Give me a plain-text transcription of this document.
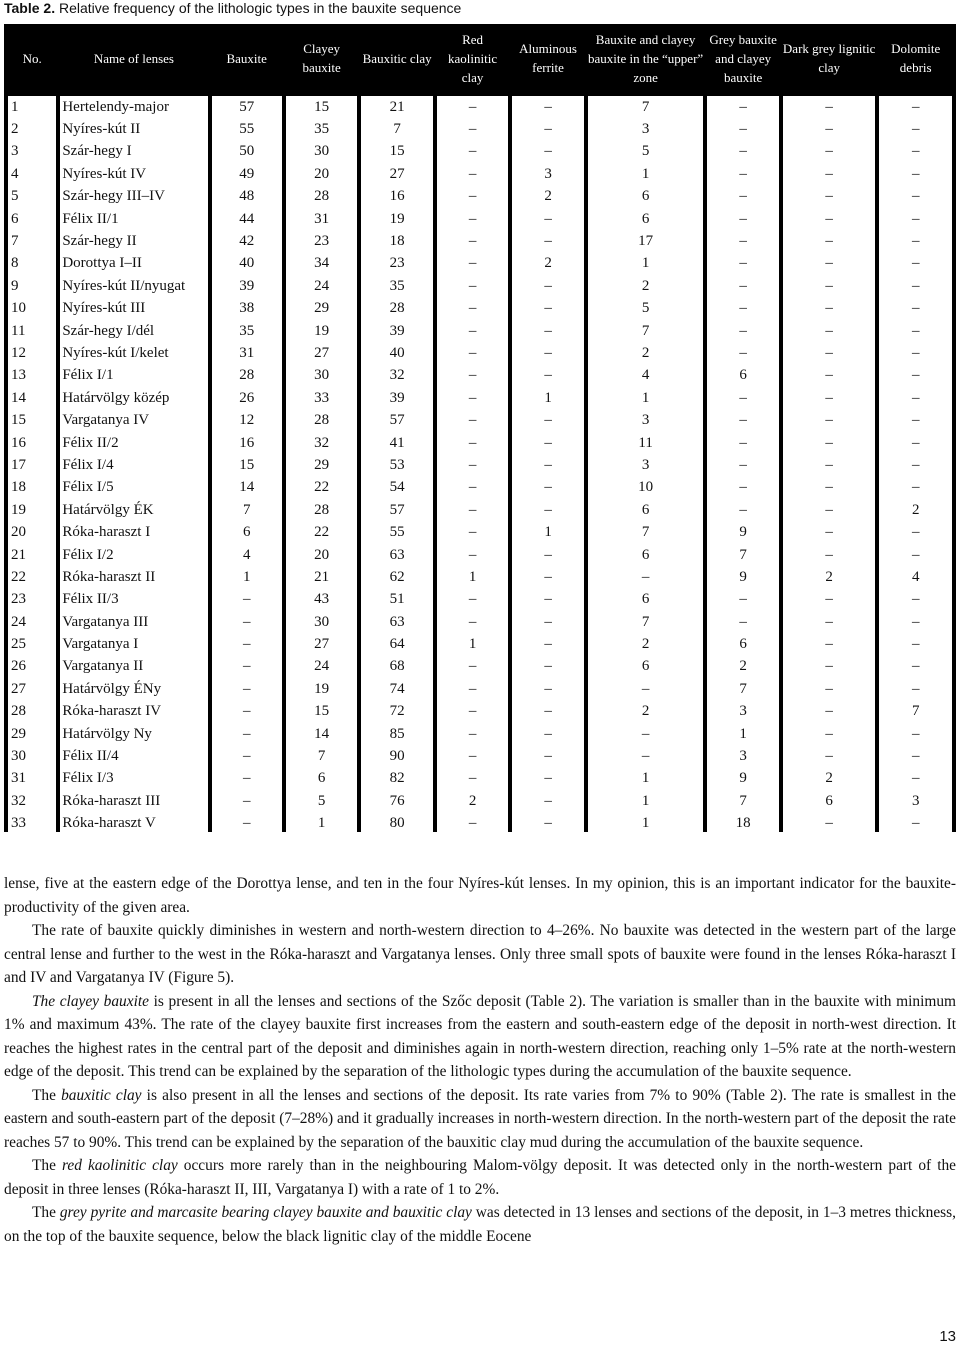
Table 2. Relative frequency of the lithologic types in the bauxite sequence
No.	Name of lenses	Bauxite	Clayey bauxite	Bauxitic clay	Red kaolinitic clay	Aluminous ferrite	Bauxite and clayey bauxite in the “upper” zone	Grey bauxite and clayey bauxite	Dark grey lignitic clay	Dolomite debris

1	Hertelendy-major	57	15	21	–	–	7	–	–	–
2	Nyíres-kút II	55	35	7	–	–	3	–	–	–
3	Szár-hegy I	50	30	15	–	–	5	–	–	–
4	Nyíres-kút IV	49	20	27	–	3	1	–	–	–
5	Szár-hegy III–IV	48	28	16	–	2	6	–	–	–
6	Félix II/1	44	31	19	–	–	6	–	–	–
7	Szár-hegy II	42	23	18	–	–	17	–	–	–
8	Dorottya I–II	40	34	23	–	2	1	–	–	–
9	Nyíres-kút II/nyugat	39	24	35	–	–	2	–	–	–
10	Nyíres-kút III	38	29	28	–	–	5	–	–	–
11	Szár-hegy I/dél	35	19	39	–	–	7	–	–	–
12	Nyíres-kút I/kelet	31	27	40	–	–	2	–	–	–
13	Félix I/1	28	30	32	–	–	4	6	–	–
14	Határvölgy közép	26	33	39	–	1	1	–	–	–
15	Vargatanya IV	12	28	57	–	–	3	–	–	–
16	Félix II/2	16	32	41	–	–	11	–	–	–
17	Félix I/4	15	29	53	–	–	3	–	–	–
18	Félix I/5	14	22	54	–	–	10	–	–	–
19	Határvölgy ÉK	7	28	57	–	–	6	–	–	2
20	Róka-haraszt I	6	22	55	–	1	7	9	–	–
21	Félix I/2	4	20	63	–	–	6	7	–	–
22	Róka-haraszt II	1	21	62	1	–	–	9	2	4
23	Félix II/3	–	43	51	–	–	6	–	–	–
24	Vargatanya III	–	30	63	–	–	7	–	–	–
25	Vargatanya I	–	27	64	1	–	2	6	–	–
26	Vargatanya II	–	24	68	–	–	6	2	–	–
27	Határvölgy ÉNy	–	19	74	–	–	–	7	–	–
28	Róka-haraszt IV	–	15	72	–	–	2	3	–	7
29	Határvölgy Ny	–	14	85	–	–	–	1	–	–
30	Félix II/4	–	7	90	–	–	–	3	–	–
31	Félix I/3	–	6	82	–	–	1	9	2	–
32	Róka-haraszt III	–	5	76	2	–	1	7	6	3
33	Róka-haraszt V	–	1	80	–	–	1	18	–	–

lense, five at the eastern edge of the Dorottya lense, and ten in the four Nyíres-kút lenses. In my opinion, this is an important indicator for the bauxite-productivity of the given area.

The rate of bauxite quickly diminishes in western and north-western direction to 4–26%. No bauxite was detected in the western part of the large central lense and further to the west in the Róka-haraszt and Vargatanya lenses. Only three small spots of bauxite were found in the lenses Róka-haraszt I and IV and Vargatanya IV (Figure 5).

The clayey bauxite is present in all the lenses and sections of the Szőc deposit (Table 2). The variation is smaller than in the bauxite with minimum 1% and maximum 43%. The rate of the clayey bauxite first increases from the eastern and south-eastern edge of the deposit in north-west direction. It reaches the highest rates in the central part of the deposit and diminishes again in north-western direction, reaching only 1–5% rate at the north-western edge of the deposit. This trend can be explained by the separation of the lithologic types during the accumulation of the bauxite sequence.

The bauxitic clay is also present in all the lenses and sections of the deposit. Its rate varies from 7% to 90% (Table 2). The rate is smallest in the eastern and south-eastern part of the deposit (7–28%) and it gradually increases in north-western direction. In the north-western part of the deposit the rate reaches 57 to 90%. This trend can be explained by the separation of the bauxitic clay mud during the accumulation of the bauxite sequence.

The red kaolinitic clay occurs more rarely than in the neighbouring Malom-völgy deposit. It was detected only in the north-western part of the deposit in three lenses (Róka-haraszt II, III, Vargatanya I) with a rate of 1 to 2%.

The grey pyrite and marcasite bearing clayey bauxite and bauxitic clay was detected in 13 lenses and sections of the deposit, in 1–3 metres thickness, on the top of the bauxite sequence, below the black lignitic clay of the middle Eocene

13
